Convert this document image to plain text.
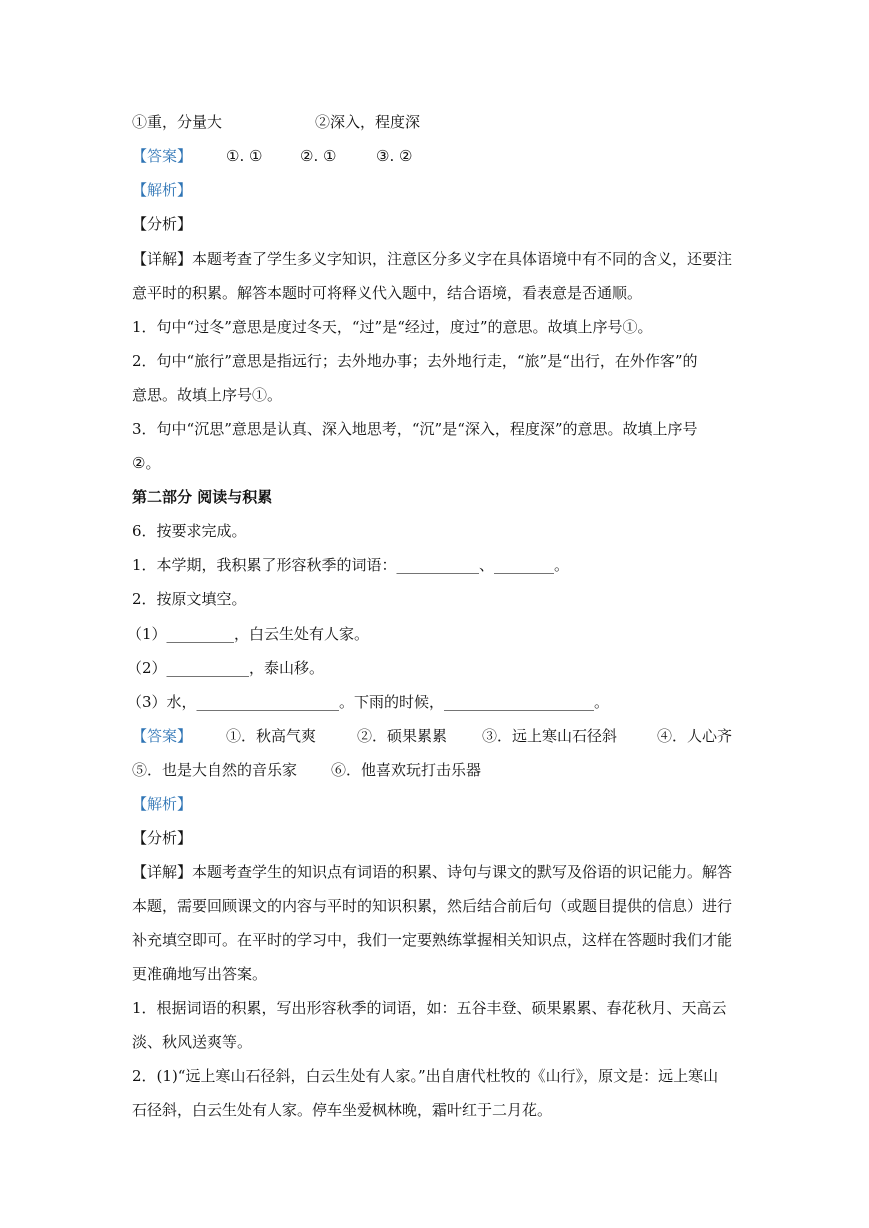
①重，分量大	②深入，程度深
【答案】 ①. ①	②. ①	③. ②
【解析】
【分析】
【详解】本题考查了学生多义字知识，注意区分多义字在具体语境中有不同的含义，还要注
意平时的积累。解答本题时可将释义代入题中，结合语境，看表意是否通顺。
1．句中“过冬”意思是度过冬天，“过”是“经过，度过”的意思。故填上序号①。
2．句中“旅行”意思是指远行；去外地办事；去外地行走，“旅”是“出行，在外作客”的
意思。故填上序号①。
3．句中“沉思”意思是认真、深入地思考，“沉”是“深入，程度深”的意思。故填上序号
②。
第二部分 阅读与积累
6．按要求完成。
1．本学期，我积累了形容秋季的词语：___________、________。
2．按原文填空。
（1）_________，白云生处有人家。
（2）___________，泰山移。
（3）水，___________________。下雨的时候，____________________。
【答案】 ①．秋高气爽	②．硕果累累 ③．远上寒山石径斜	④．人心齐
⑤．也是大自然的音乐家 ⑥．他喜欢玩打击乐器
【解析】
【分析】
【详解】本题考查学生的知识点有词语的积累、诗句与课文的默写及俗语的识记能力。解答
本题，需要回顾课文的内容与平时的知识积累，然后结合前后句（或题目提供的信息）进行
补充填空即可。在平时的学习中，我们一定要熟练掌握相关知识点，这样在答题时我们才能
更准确地写出答案。
1．根据词语的积累，写出形容秋季的词语，如：五谷丰登、硕果累累、春花秋月、天高云
淡、秋风送爽等。
2．(1)“远上寒山石径斜，白云生处有人家。”出自唐代杜牧的《山行》，原文是：远上寒山
石径斜，白云生处有人家。停车坐爱枫林晚，霜叶红于二月花。
